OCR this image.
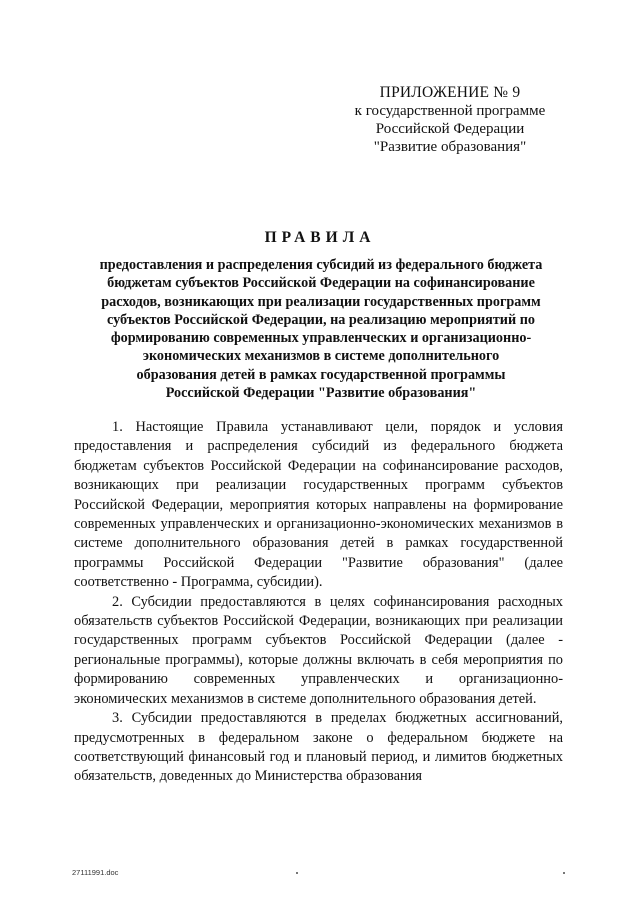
ПРИЛОЖЕНИЕ № 9
к государственной программе
Российской Федерации
"Развитие образования"
ПРАВИЛА
предоставления и распределения субсидий из федерального бюджета
бюджетам субъектов Российской Федерации на софинансирование
расходов, возникающих при реализации государственных программ
субъектов Российской Федерации, на реализацию мероприятий по
формированию современных управленческих и организационно-
экономических механизмов в системе дополнительного
образования детей в рамках государственной программы
Российской Федерации "Развитие образования"

1. Настоящие Правила устанавливают цели, порядок и условия предоставления и распределения субсидий из федерального бюджета бюджетам субъектов Российской Федерации на софинансирование расходов, возникающих при реализации государственных программ субъектов Российской Федерации, мероприятия которых направлены на формирование современных управленческих и организационно-экономических механизмов в системе дополнительного образования детей в рамках государственной программы Российской Федерации "Развитие образования" (далее соответственно - Программа, субсидии).

2. Субсидии предоставляются в целях софинансирования расходных обязательств субъектов Российской Федерации, возникающих при реализации государственных программ субъектов Российской Федерации (далее - региональные программы), которые должны включать в себя мероприятия по формированию современных управленческих и организационно-экономических механизмов в системе дополнительного образования детей.

3. Субсидии предоставляются в пределах бюджетных ассигнований, предусмотренных в федеральном законе о федеральном бюджете на соответствующий финансовый год и плановый период, и лимитов бюджетных обязательств, доведенных до Министерства образования

27111991.doc
